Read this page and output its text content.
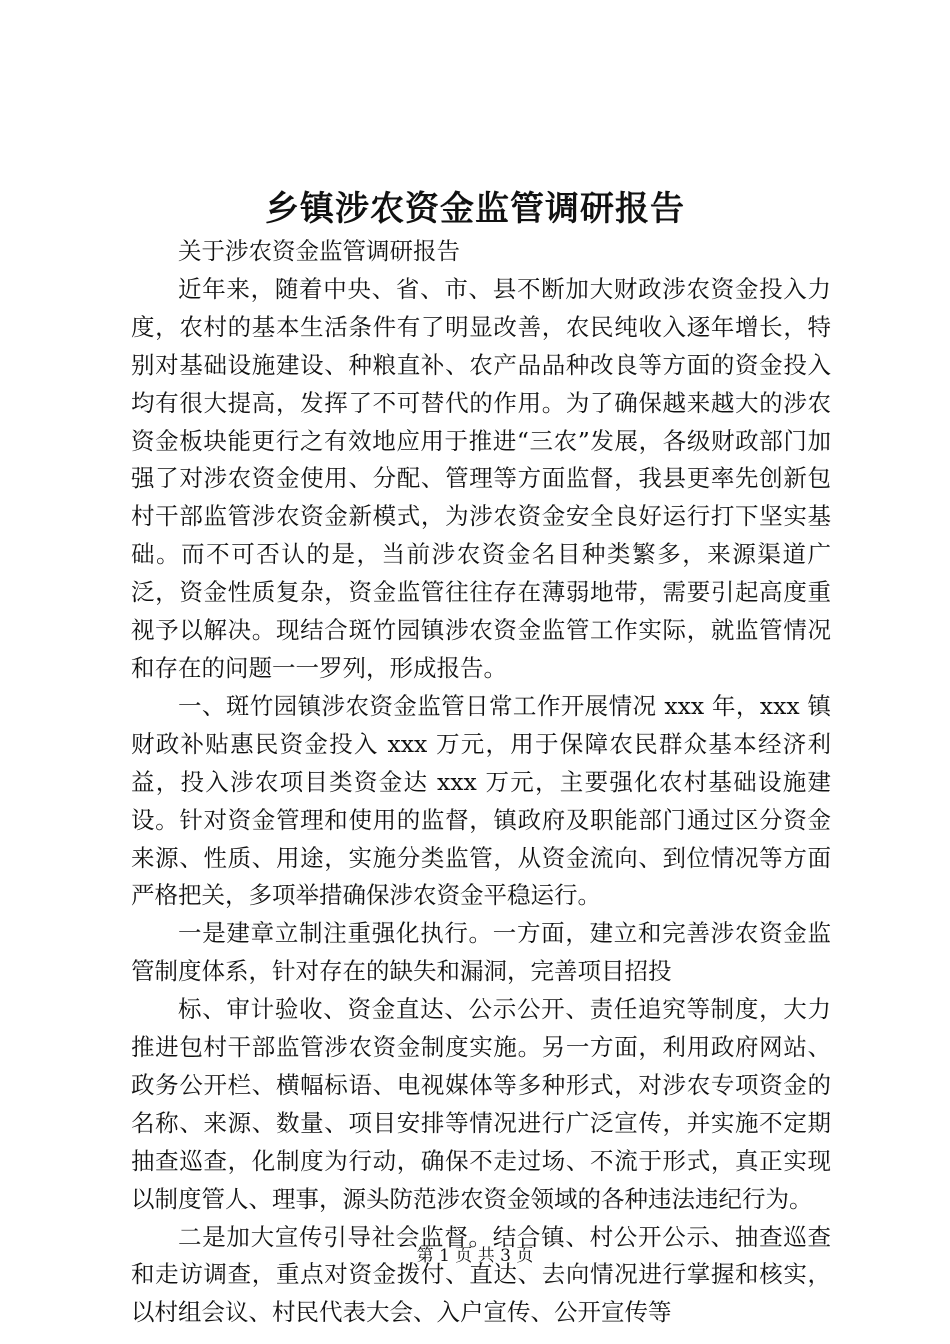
乡镇涉农资金监管调研报告

关于涉农资金监管调研报告

近年来，随着中央、省、市、县不断加大财政涉农资金投入力度，农村的基本生活条件有了明显改善，农民纯收入逐年增长，特别对基础设施建设、种粮直补、农产品品种改良等方面的资金投入均有很大提高，发挥了不可替代的作用。为了确保越来越大的涉农资金板块能更行之有效地应用于推进“三农”发展，各级财政部门加强了对涉农资金使用、分配、管理等方面监督，我县更率先创新包村干部监管涉农资金新模式，为涉农资金安全良好运行打下坚实基础。而不可否认的是，当前涉农资金名目种类繁多，来源渠道广泛，资金性质复杂，资金监管往往存在薄弱地带，需要引起高度重视予以解决。现结合斑竹园镇涉农资金监管工作实际，就监管情况和存在的问题一一罗列，形成报告。

一、斑竹园镇涉农资金监管日常工作开展情况 xxx 年，xxx 镇财政补贴惠民资金投入 xxx 万元，用于保障农民群众基本经济利益，投入涉农项目类资金达 xxx 万元，主要强化农村基础设施建设。针对资金管理和使用的监督，镇政府及职能部门通过区分资金来源、性质、用途，实施分类监管，从资金流向、到位情况等方面严格把关，多项举措确保涉农资金平稳运行。

一是建章立制注重强化执行。一方面，建立和完善涉农资金监管制度体系，针对存在的缺失和漏洞，完善项目招投

标、审计验收、资金直达、公示公开、责任追究等制度，大力推进包村干部监管涉农资金制度实施。另一方面，利用政府网站、政务公开栏、横幅标语、电视媒体等多种形式，对涉农专项资金的名称、来源、数量、项目安排等情况进行广泛宣传，并实施不定期抽查巡查，化制度为行动，确保不走过场、不流于形式，真正实现以制度管人、理事，源头防范涉农资金领域的各种违法违纪行为。

二是加大宣传引导社会监督。结合镇、村公开公示、抽查巡查和走访调查，重点对资金拨付、直达、去向情况进行掌握和核实，以村组会议、村民代表大会、入户宣传、公开宣传等

第 1 页 共 3 页
